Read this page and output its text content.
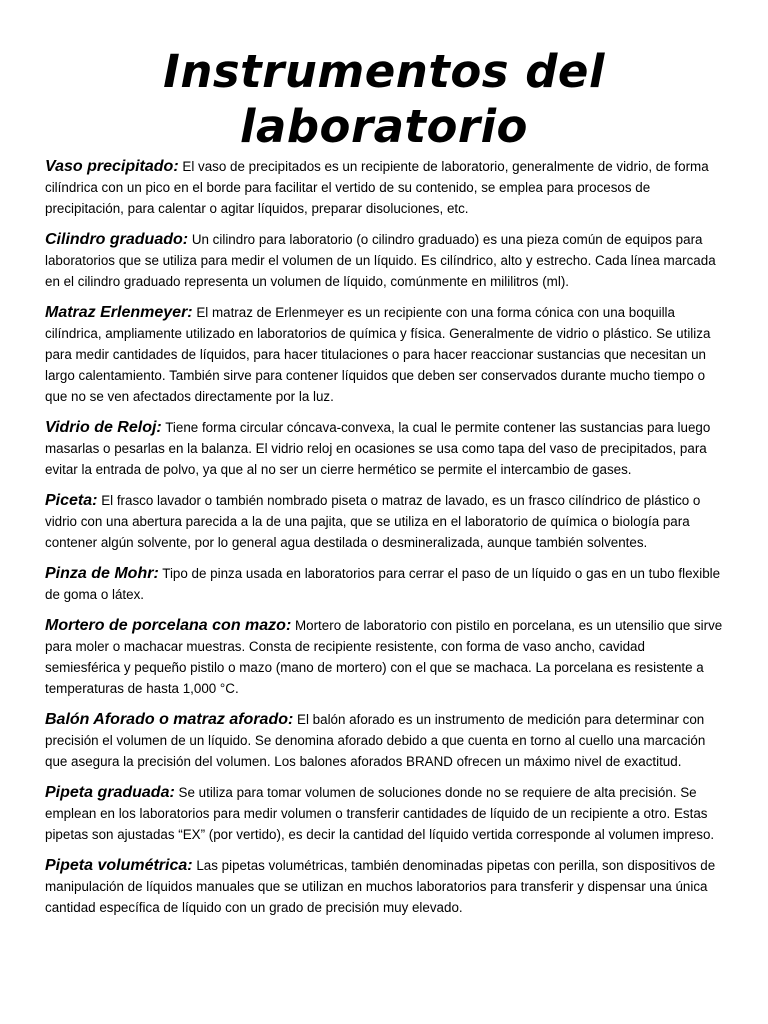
Instrumentos del laboratorio

Vaso precipitado: El vaso de precipitados es un recipiente de laboratorio, generalmente de vidrio, de forma cilíndrica con un pico en el borde para facilitar el vertido de su contenido, se emplea para procesos de precipitación, para calentar o agitar líquidos, preparar disoluciones, etc.

Cilindro graduado: Un cilindro para laboratorio (o cilindro graduado) es una pieza común de equipos para laboratorios que se utiliza para medir el volumen de un líquido. Es cilíndrico, alto y estrecho. Cada línea marcada en el cilindro graduado representa un volumen de líquido, comúnmente en mililitros (ml).

Matraz Erlenmeyer: El matraz de Erlenmeyer es un recipiente con una forma cónica con una boquilla cilíndrica, ampliamente utilizado en laboratorios de química y física. Generalmente de vidrio o plástico. Se utiliza para medir cantidades de líquidos, para hacer titulaciones o para hacer reaccionar sustancias que necesitan un largo calentamiento. También sirve para contener líquidos que deben ser conservados durante mucho tiempo o que no se ven afectados directamente por la luz.

Vidrio de Reloj: Tiene forma circular cóncava-convexa, la cual le permite contener las sustancias para luego masarlas o pesarlas en la balanza. El vidrio reloj en ocasiones se usa como tapa del vaso de precipitados, para evitar la entrada de polvo, ya que al no ser un cierre hermético se permite el intercambio de gases.

Piceta: El frasco lavador o también nombrado piseta o matraz de lavado, es un frasco cilíndrico de plástico o vidrio con una abertura parecida a la de una pajita, que se utiliza en el laboratorio de química o biología para contener algún solvente, por lo general agua destilada o desmineralizada, aunque también solventes.

Pinza de Mohr: Tipo de pinza usada en laboratorios para cerrar el paso de un líquido o gas en un tubo flexible de goma o látex.

Mortero de porcelana con mazo: Mortero de laboratorio con pistilo en porcelana, es un utensilio que sirve para moler o machacar muestras. Consta de recipiente resistente, con forma de vaso ancho, cavidad semiesférica y pequeño pistilo o mazo (mano de mortero) con el que se machaca. La porcelana es resistente a temperaturas de hasta 1,000 °C.

Balón Aforado o matraz aforado: El balón aforado es un instrumento de medición para determinar con precisión el volumen de un líquido. Se denomina aforado debido a que cuenta en torno al cuello una marcación que asegura la precisión del volumen. Los balones aforados BRAND ofrecen un máximo nivel de exactitud.

Pipeta graduada: Se utiliza para tomar volumen de soluciones donde no se requiere de alta precisión. Se emplean en los laboratorios para medir volumen o transferir cantidades de líquido de un recipiente a otro. Estas pipetas son ajustadas “EX” (por vertido), es decir la cantidad del líquido vertida corresponde al volumen impreso.

Pipeta volumétrica: Las pipetas volumétricas, también denominadas pipetas con perilla, son dispositivos de manipulación de líquidos manuales que se utilizan en muchos laboratorios para transferir y dispensar una única cantidad específica de líquido con un grado de precisión muy elevado.
